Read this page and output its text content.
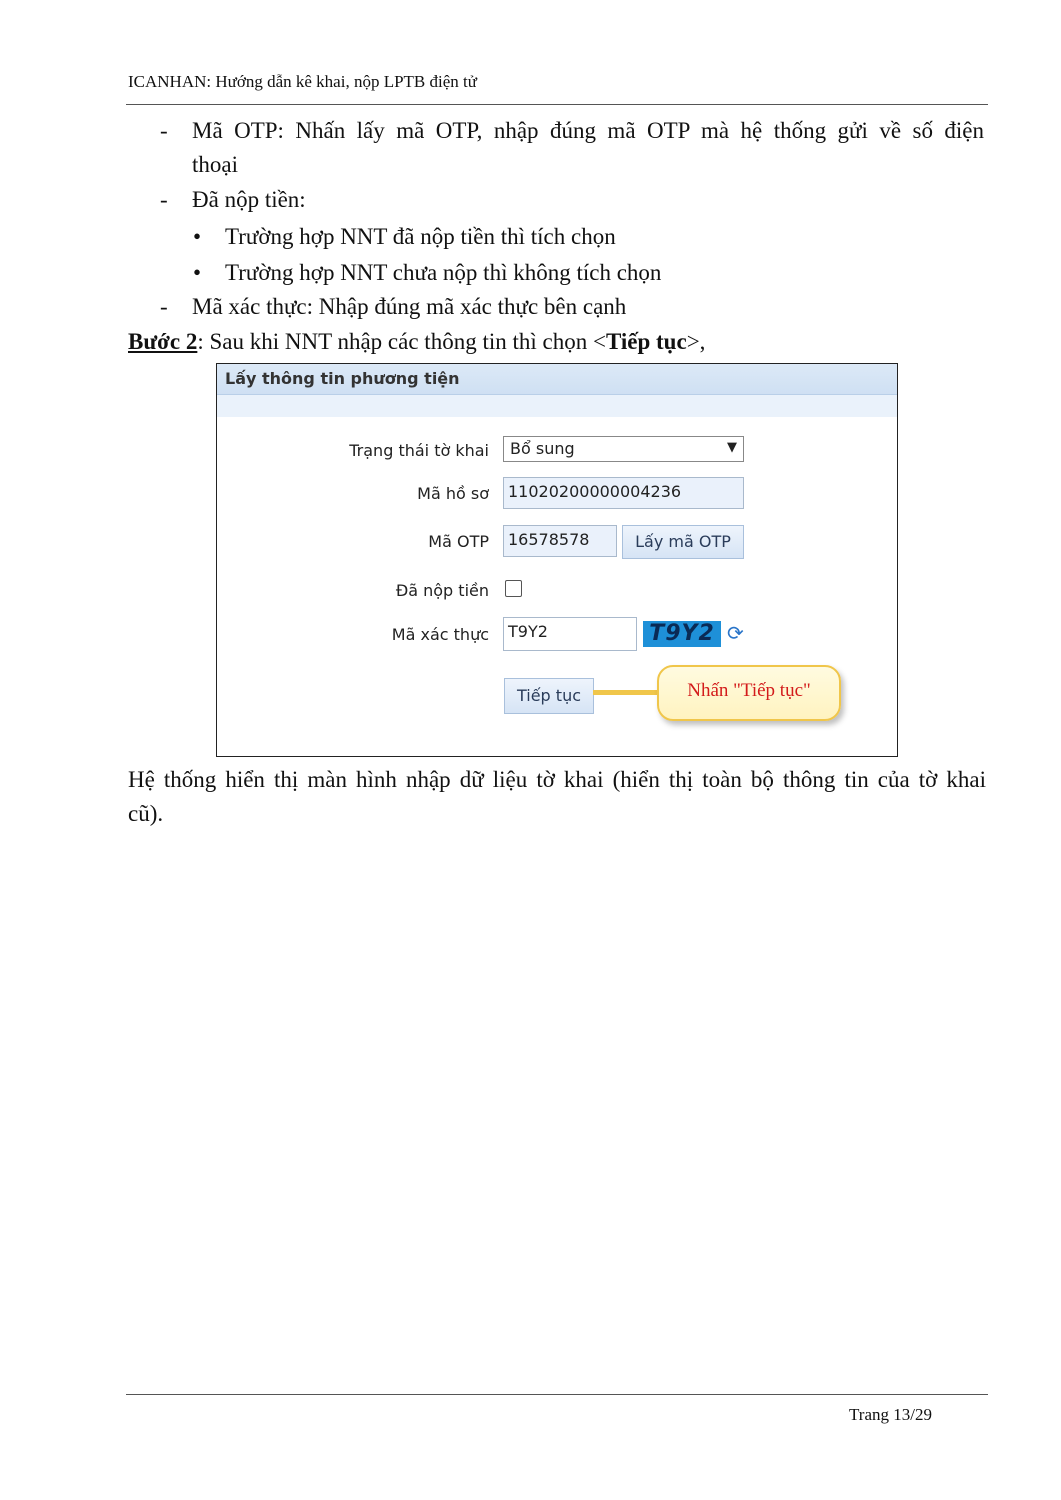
ICANHAN: Hướng dẫn kê khai, nộp LPTB điện tử
- Mã OTP: Nhấn lấy mã OTP, nhập đúng mã OTP mà hệ thống gửi về số điện
thoại
- Đã nộp tiền:
• Trường hợp NNT đã nộp tiền thì tích chọn
• Trường hợp NNT chưa nộp thì không tích chọn
- Mã xác thực: Nhập đúng mã xác thực bên cạnh
Bước 2: Sau khi NNT nhập các thông tin thì chọn <Tiếp tục>,
Lấy thông tin phương tiện
Trạng thái tờ khai	Bổ sung	▼
Mã hồ sơ	11020200000004236
Mã OTP	16578578	Lấy mã OTP
Đã nộp tiền
Mã xác thực	T9Y2	T9Y2 ⟳
Tiếp tục	Nhấn "Tiếp tục"
Hệ thống hiển thị màn hình nhập dữ liệu tờ khai (hiển thị toàn bộ thông tin của tờ khai
cũ).
Trang 13/29
